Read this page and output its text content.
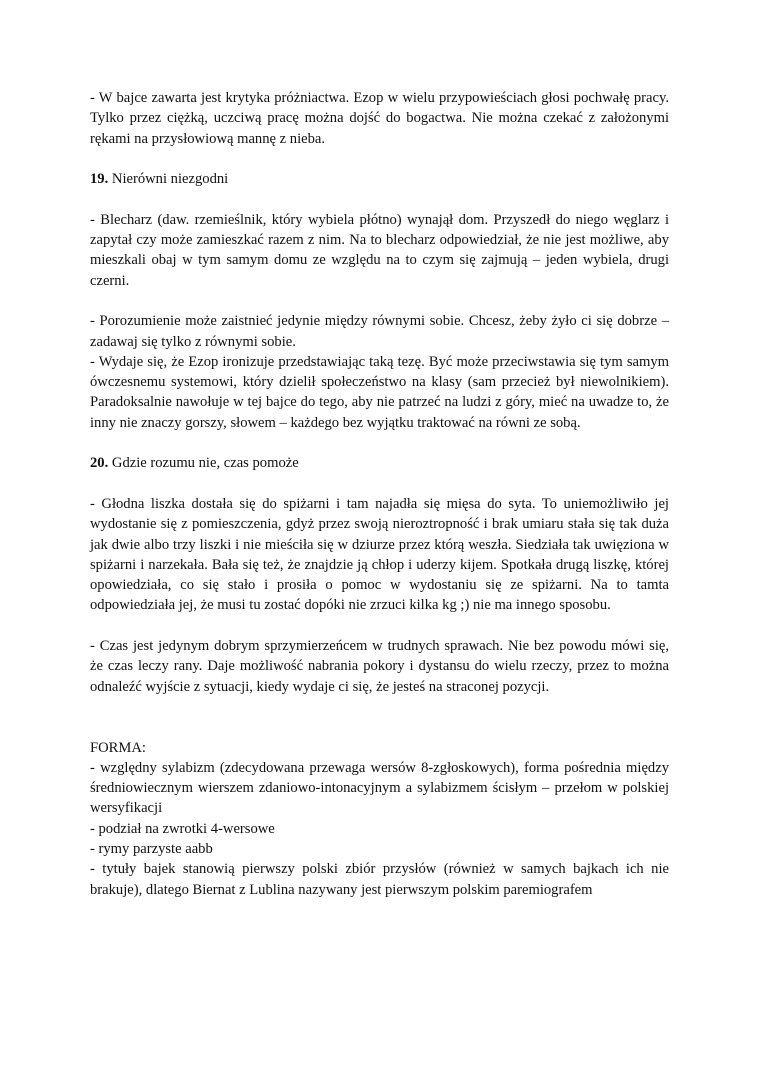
- W bajce zawarta jest krytyka próżniactwa. Ezop w wielu przypowieściach głosi pochwałę pracy. Tylko przez ciężką, uczciwą pracę można dojść do bogactwa. Nie można czekać z założonymi rękami na przysłowiową mannę z nieba.

19. Nierówni niezgodni

- Blecharz (daw. rzemieślnik, który wybiela płótno) wynajął dom. Przyszedł do niego węglarz i zapytał czy może zamieszkać razem z nim. Na to blecharz odpowiedział, że nie jest możliwe, aby mieszkali obaj w tym samym domu ze względu na to czym się zajmują – jeden wybiela, drugi czerni.

- Porozumienie może zaistnieć jedynie między równymi sobie. Chcesz, żeby żyło ci się dobrze – zadawaj się tylko z równymi sobie.

- Wydaje się, że Ezop ironizuje przedstawiając taką tezę. Być może przeciwstawia się tym samym ówczesnemu systemowi, który dzielił społeczeństwo na klasy (sam przecież był niewolnikiem). Paradoksalnie nawołuje w tej bajce do tego, aby nie patrzeć na ludzi z góry, mieć na uwadze to, że inny nie znaczy gorszy, słowem – każdego bez wyjątku traktować na równi ze sobą.

20. Gdzie rozumu nie, czas pomoże

- Głodna liszka dostała się do spiżarni i tam najadła się mięsa do syta. To uniemożliwiło jej wydostanie się z pomieszczenia, gdyż przez swoją nieroztropność i brak umiaru stała się tak duża jak dwie albo trzy liszki i nie mieściła się w dziurze przez którą weszła. Siedziała tak uwięziona w spiżarni i narzekała. Bała się też, że znajdzie ją chłop i uderzy kijem. Spotkała drugą liszkę, której opowiedziała, co się stało i prosiła o pomoc w wydostaniu się ze spiżarni. Na to tamta odpowiedziała jej, że musi tu zostać dopóki nie zrzuci kilka kg ;) nie ma innego sposobu.

- Czas jest jedynym dobrym sprzymierzeńcem w trudnych sprawach. Nie bez powodu mówi się, że czas leczy rany. Daje możliwość nabrania pokory i dystansu do wielu rzeczy, przez to można odnaleźć wyjście z sytuacji, kiedy wydaje ci się, że jesteś na straconej pozycji.

FORMA:

- względny sylabizm (zdecydowana przewaga wersów 8-zgłoskowych), forma pośrednia między średniowiecznym wierszem zdaniowo-intonacyjnym a sylabizmem ścisłym – przełom w polskiej wersyfikacji

- podział na zwrotki 4-wersowe

- rymy parzyste aabb

- tytuły bajek stanowią pierwszy polski zbiór przysłów (również w samych bajkach ich nie brakuje), dlatego Biernat z Lublina nazywany jest pierwszym polskim paremiografem
